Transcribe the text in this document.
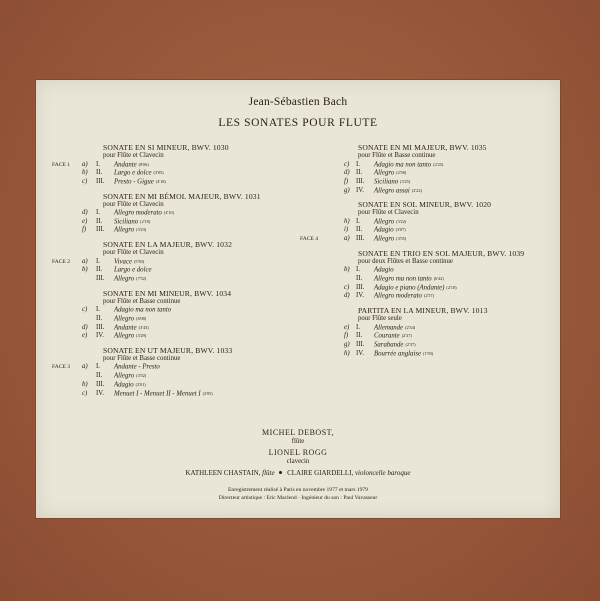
Jean-Sébastien Bach
LES SONATES POUR FLUTE
SONATE EN SI MINEUR, BWV. 1030
pour Flûte et Clavecin
FACE 1 a) I. Andante (8'06)
b) II. Largo e dolce (3'05)
c) III. Presto - Gigue (4'18)
SONATE EN MI BÉMOL MAJEUR, BWV. 1031
pour Flûte et Clavecin
d) I. Allegro moderato (4'10)
e) II. Siciliano (2'18)
f) III. Allegro (3'23)
SONATE EN LA MAJEUR, BWV. 1032
pour Flûte et Clavecin
FACE 2 a) I. Vivace (5'50)
b) II. Largo e dolce
III. Allegro (7'52)
SONATE EN MI MINEUR, BWV. 1034
pour Flûte et Basse continue
c) I. Adagio ma non tanto
II. Allegro (6'08)
d) III. Andante (3'43)
e) IV. Allegro (3'29)
SONATE EN UT MAJEUR, BWV. 1033
pour Flûte et Basse continue
FACE 3 a) I. Andante - Presto
II. Allegro (3'52)
b) III. Adagio (2'01)
c) IV. Menuet I - Menuet II - Menuet I (2'05)
SONATE EN MI MAJEUR, BWV. 1035
pour Flûte et Basse continue
c) I. Adagio ma non tanto (2'25)
d) II. Allegro (2'58)
f) III. Siciliano (3'25)
g) IV. Allegro assai (2'22)
SONATE EN SOL MINEUR, BWV. 1020
pour Flûte et Clavecin
h) I. Allegro (3'22)
i) II. Adagio (3'07)
FACE 4	a) III. Allegro (3'55)
SONATE EN TRIO EN SOL MAJEUR, BWV. 1039
pour deux Flûtes et Basse continue
b) I. Adagio
II. Allegro ma non tanto (6'42)
c) III. Adagio e piano (Andante) (2'18)
d) IV. Allegro moderato (2'57)
PARTITA EN LA MINEUR, BWV. 1013
pour Flûte seule
e) I. Allemande (2'34)
f) II. Courante (2'37)
g) III. Sarabande (2'37)
h) IV. Bourrée anglaise (1'59)
MICHEL DEBOST,
flûte
LIONEL ROGG
clavecin
KATHLEEN CHASTAIN, flûte CLAIRE GIARDELLI, violoncelle baroque
Enregistrement réalisé à Paris en novembre 1977 et mars 1979
Directeur artistique : Eric Macleod · Ingénieur du son : Paul Vavasseur
